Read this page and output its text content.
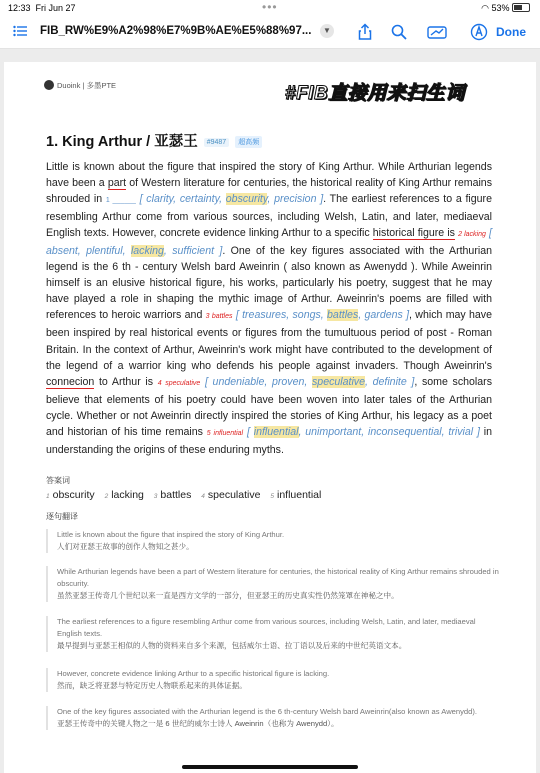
12:33 Fri Jun 27	•••	◠ 53%
FIB_RW%E9%A2%98%E7%9B%AE%E5%88%97...	▼	Done
Duoink | 多墨PTE	#FIB直接用来扫生词
1. King Arthur / 亚瑟王 #9487 超高频
Little is known about the figure that inspired the story of King Arthur. While Arthurian legends have been a part of Western literature for centuries, the historical reality of King Arthur remains shrouded in 1 ______ [ clarity, certainty, obscurity, precision ]. The earliest references to a figure resembling Arthur come from various sources, including Welsh, Latin, and later, mediaeval English texts. However, concrete evidence linking Arthur to a specific historical figure is 2 lacking [ absent, plentiful, lacking, sufficient ]. One of the key figures associated with the Arthurian legend is the 6 th - century Welsh bard Aweinrin ( also known as Awenydd ). While Aweinrin himself is an elusive historical figure, his works, particularly his poetry, suggest that he may have played a role in shaping the mythic image of Arthur. Aweinrin's poems are filled with references to heroic warriors and 3 battles [ treasures, songs, battles, gardens ], which may have been inspired by real historical events or figures from the tumultuous period of post - Roman Britain. In the context of Arthur, Aweinrin's work might have contributed to the development of the legend of a warrior king who defends his people against invaders. Though Aweinrin's connecion to Arthur is 4 speculative [ undeniable, proven, speculative, definite ], some scholars believe that elements of his poetry could have been woven into later tales of the Arthurian cycle. Whether or not Aweinrin directly inspired the stories of King Arthur, his legacy as a poet and historian of his time remains 5 influential [ influential, unimportant, inconsequential, trivial ] in understanding the origins of these enduring myths.
答案词
1 obscurity 2 lacking 3 battles 4 speculative 5 influential
逐句翻译
Little is known about the figure that inspired the story of King Arthur.
人们对亚瑟王故事的创作人物知之甚少。
While Arthurian legends have been a part of Western literature for centuries, the historical reality of King Arthur remains shrouded in obscurity.
虽然亚瑟王传奇几个世纪以来一直是西方文学的一部分，但亚瑟王的历史真实性仍然笼罩在神秘之中。
The earliest references to a figure resembling Arthur come from various sources, including Welsh, Latin, and later, mediaeval English texts.
最早提到与亚瑟王相似的人物的资料来自多个来源，包括威尔士语、拉丁语以及后来的中世纪英语文本。
However, concrete evidence linking Arthur to a specific historical figure is lacking.
然而，缺乏将亚瑟与特定历史人物联系起来的具体证据。
One of the key figures associated with the Arthurian legend is the 6 th-century Welsh bard Aweinrin(also known as Awenydd).
亚瑟王传奇中的关键人物之一是 6 世纪的威尔士诗人 Aweinrin（也称为 Awenydd）。
